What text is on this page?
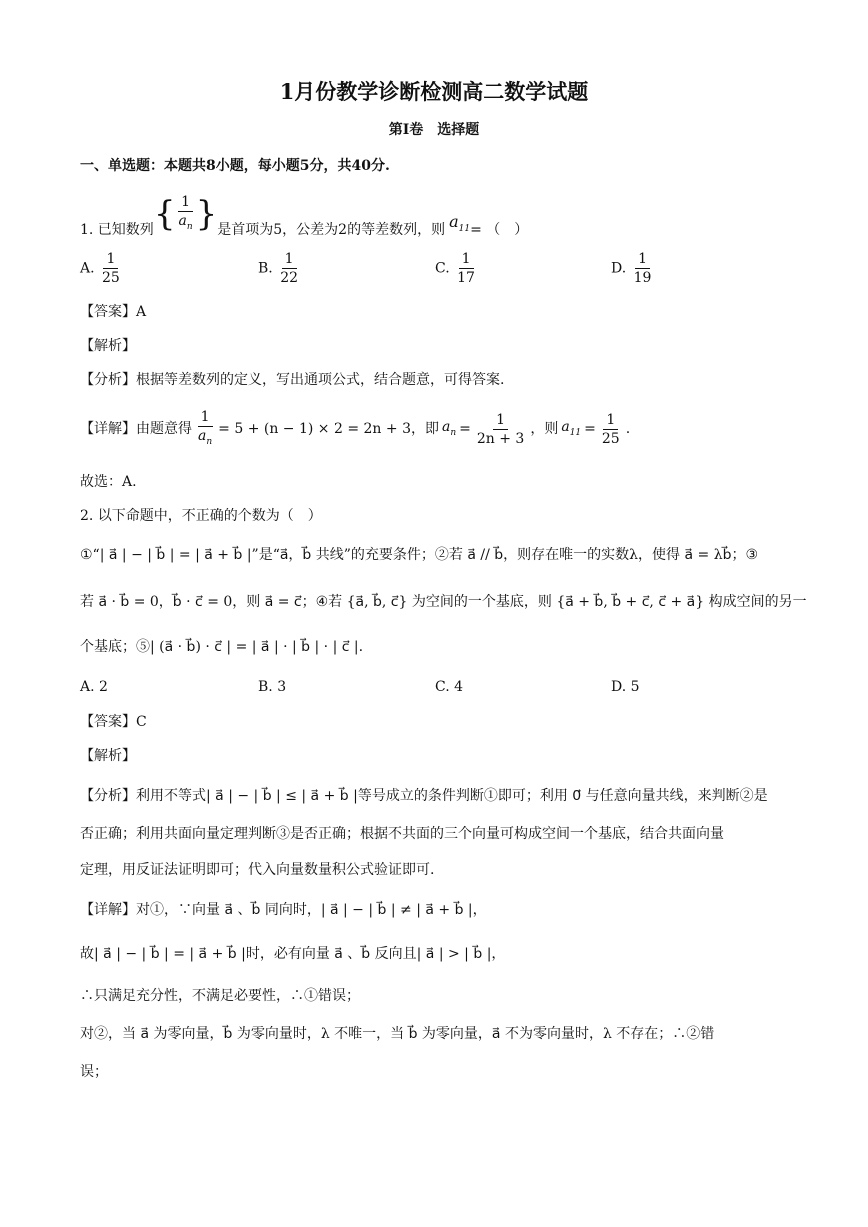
1月份教学诊断检测高二数学试题
第Ⅰ卷　选择题
一、单选题：本题共8小题，每小题5分，共40分.
1. 已知数列 { $\frac{1}{a_n}$ } 是首项为5，公差为2的等差数列，则 $a_{11}$ = （　）
A. $\frac{1}{25}$	B. $\frac{1}{22}$	C. $\frac{1}{17}$	D. $\frac{1}{19}$
【答案】A
【解析】
【分析】根据等差数列的定义，写出通项公式，结合题意，可得答案.
【详解】由题意得 $\frac{1}{a_n} = 5 + (n - 1) \times 2 = 2n + 3$，即 $a_n = \frac{1}{2n + 3}$ ，则 $a_{11} = \frac{1}{25}$ .
故选：A.
2. 以下命题中，不正确的个数为（　）
①“| a⃗ | − | b⃗ | = | a⃗ + b⃗ |”是“a⃗，b⃗ 共线”的充要条件；②若 a⃗ // b⃗，则存在唯一的实数λ，使得 a⃗ = λb⃗；③
若 a⃗ · b⃗ = 0，b⃗ · c⃗ = 0，则 a⃗ = c⃗；④若 {a⃗, b⃗, c⃗} 为空间的一个基底，则 {a⃗ + b⃗, b⃗ + c⃗, c⃗ + a⃗} 构成空间的另一
个基底；⑤| (a⃗ · b⃗) · c⃗ | = | a⃗ | · | b⃗ | · | c⃗ |.
A. 2	B. 3	C. 4	D. 5
【答案】C
【解析】
【分析】利用不等式| a⃗ | − | b⃗ | ≤ | a⃗ + b⃗ |等号成立的条件判断①即可；利用 0⃗ 与任意向量共线，来判断②是
否正确；利用共面向量定理判断③是否正确；根据不共面的三个向量可构成空间一个基底，结合共面向量
定理，用反证法证明即可；代入向量数量积公式验证即可.
【详解】对①，∵向量 a⃗ 、b⃗ 同向时，| a⃗ | − | b⃗ | ≠ | a⃗ + b⃗ |，
故| a⃗ | − | b⃗ | = | a⃗ + b⃗ |时，必有向量 a⃗ 、b⃗ 反向且| a⃗ | > | b⃗ |，
∴只满足充分性，不满足必要性，∴①错误；
对②，当 a⃗ 为零向量，b⃗ 为零向量时，λ 不唯一，当 b⃗ 为零向量，a⃗ 不为零向量时，λ 不存在；∴②错
误；
